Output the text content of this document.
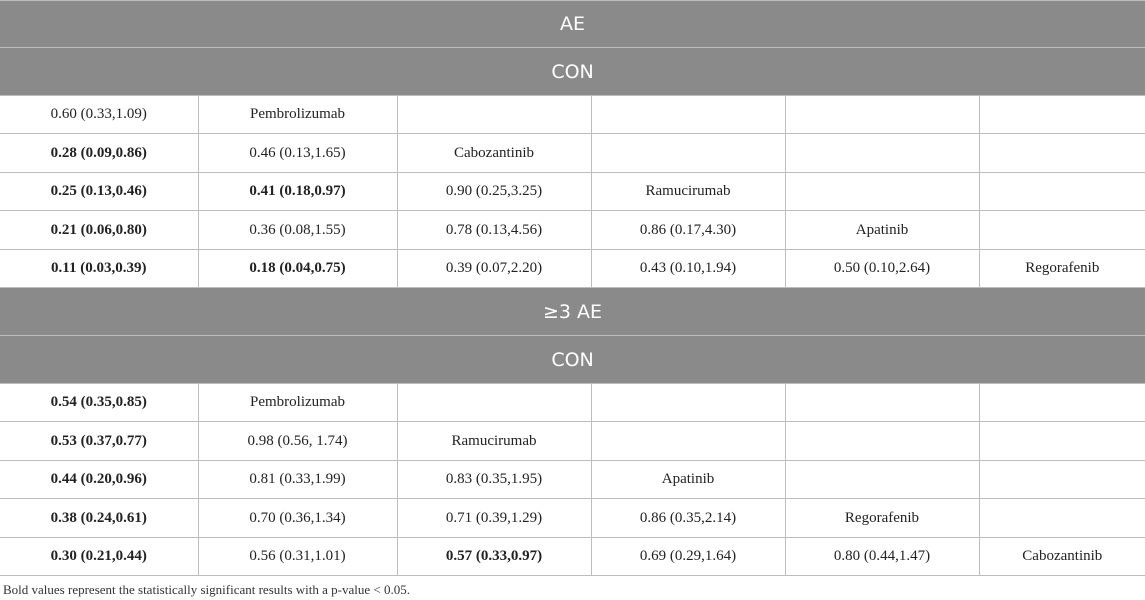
AE					
CON					
0.60 (0.33,1.09)	Pembrolizumab				
0.28 (0.09,0.86)	0.46 (0.13,1.65)	Cabozantinib			
0.25 (0.13,0.46)	0.41 (0.18,0.97)	0.90 (0.25,3.25)	Ramucirumab		
0.21 (0.06,0.80)	0.36 (0.08,1.55)	0.78 (0.13,4.56)	0.86 (0.17,4.30)	Apatinib	
0.11 (0.03,0.39)	0.18 (0.04,0.75)	0.39 (0.07,2.20)	0.43 (0.10,1.94)	0.50 (0.10,2.64)	Regorafenib
≥3 AE					
CON					
0.54 (0.35,0.85)	Pembrolizumab				
0.53 (0.37,0.77)	0.98 (0.56, 1.74)	Ramucirumab			
0.44 (0.20,0.96)	0.81 (0.33,1.99)	0.83 (0.35,1.95)	Apatinib		
0.38 (0.24,0.61)	0.70 (0.36,1.34)	0.71 (0.39,1.29)	0.86 (0.35,2.14)	Regorafenib	
0.30 (0.21,0.44)	0.56 (0.31,1.01)	0.57 (0.33,0.97)	0.69 (0.29,1.64)	0.80 (0.44,1.47)	Cabozantinib
Bold values represent the statistically significant results with a p-value < 0.05.
